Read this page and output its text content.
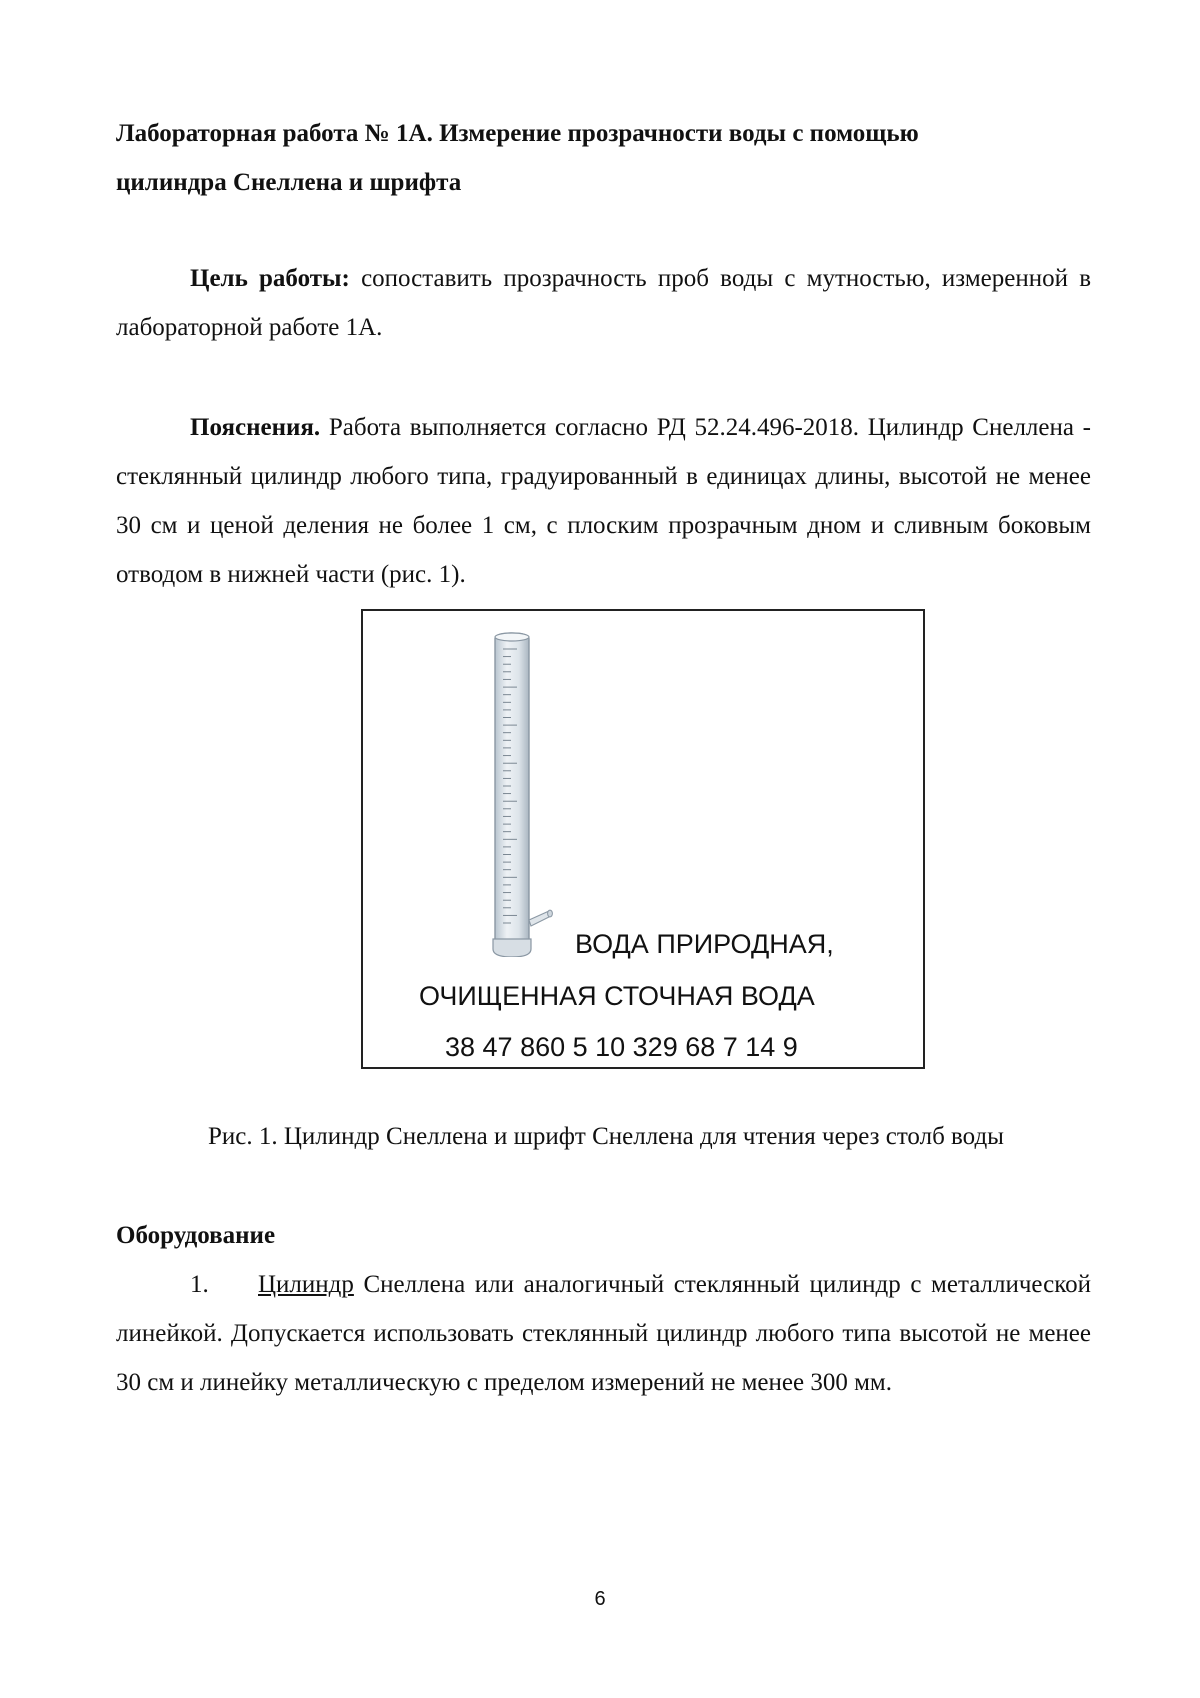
Лабораторная работа № 1А. Измерение прозрачности воды с помощью
цилиндра Снеллена и шрифта

Цель работы: сопоставить прозрачность проб воды с мутностью, измеренной в лабораторной работе 1А.

Пояснения. Работа выполняется согласно РД 52.24.496-2018. Цилиндр Снеллена - стеклянный цилиндр любого типа, градуированный в единицах длины, высотой не менее 30 см и ценой деления не более 1 см, с плоским прозрачным дном и сливным боковым отводом в нижней части (рис. 1).

ВОДА ПРИРОДНАЯ,
ОЧИЩЕННАЯ СТОЧНАЯ ВОДА
38 47 860 5 10 329 68 7 14 9
Рис. 1. Цилиндр Снеллена и шрифт Снеллена для чтения через столб воды
Оборудование

1. Цилиндр Снеллена или аналогичный стеклянный цилиндр с металлической линейкой. Допускается использовать стеклянный цилиндр любого типа высотой не менее 30 см и линейку металлическую с пределом измерений не менее 300 мм.

6
